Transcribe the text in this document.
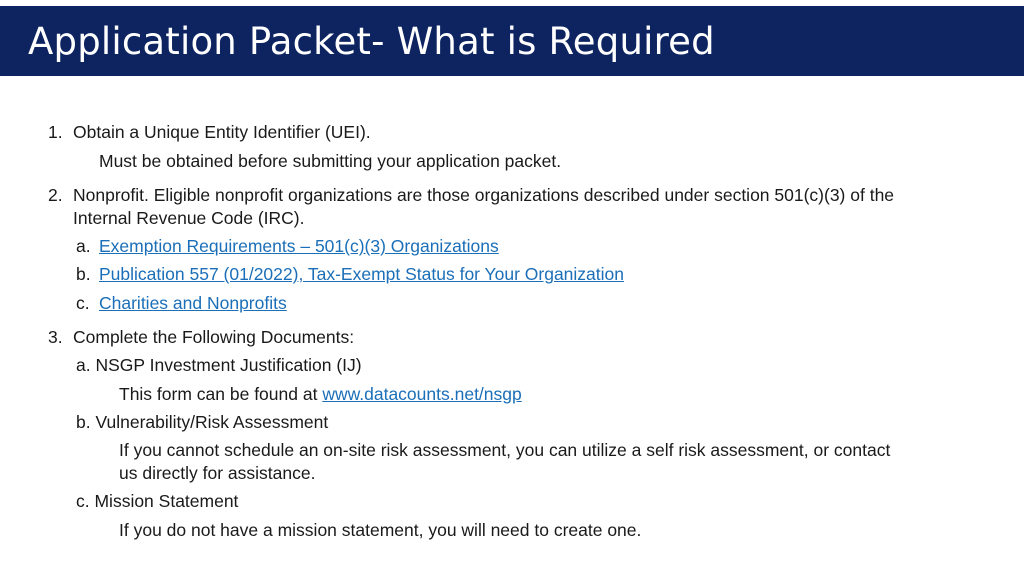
Application Packet- What is Required
1. Obtain a Unique Entity Identifier (UEI).
Must be obtained before submitting your application packet.
2. Nonprofit. Eligible nonprofit organizations are those organizations described under section 501(c)(3) of the
Internal Revenue Code (IRC).
a. Exemption Requirements – 501(c)(3) Organizations
b. Publication 557 (01/2022), Tax-Exempt Status for Your Organization
c. Charities and Nonprofits
3. Complete the Following Documents:
a. NSGP Investment Justification (IJ)
This form can be found at www.datacounts.net/nsgp
b. Vulnerability/Risk Assessment
If you cannot schedule an on-site risk assessment, you can utilize a self risk assessment, or contact
us directly for assistance.
c. Mission Statement
If you do not have a mission statement, you will need to create one.
